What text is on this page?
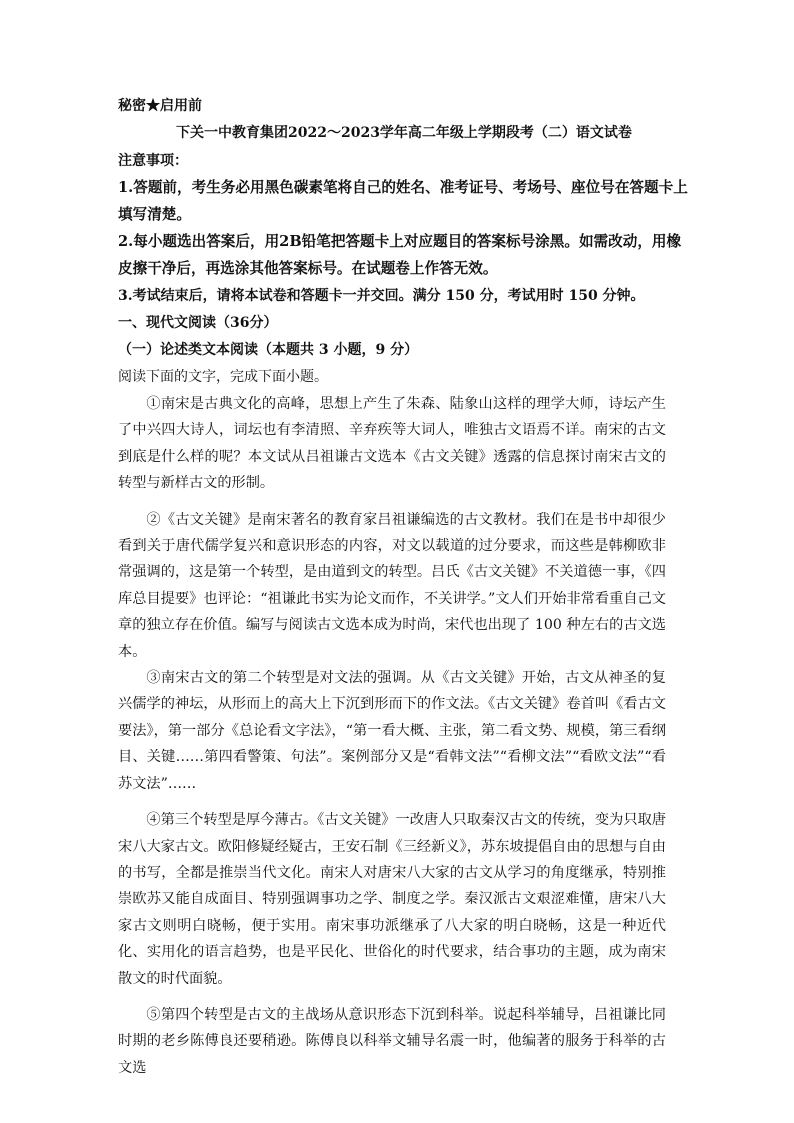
秘密★启用前
下关一中教育集团2022～2023学年高二年级上学期段考（二）语文试卷
注意事项：
1.答题前，考生务必用黑色碳素笔将自己的姓名、准考证号、考场号、座位号在答题卡上
填写清楚。
2.每小题选出答案后，用2B铅笔把答题卡上对应题目的答案标号涂黑。如需改动，用橡
皮擦干净后，再选涂其他答案标号。在试题卷上作答无效。
3.考试结束后，请将本试卷和答题卡一并交回。满分 150 分，考试用时 150 分钟。
一、现代文阅读（36分）
（一）论述类文本阅读（本题共 3 小题，9 分）
阅读下面的文字，完成下面小题。

①南宋是古典文化的高峰，思想上产生了朱森、陆象山这样的理学大师，诗坛产生了中兴四大诗人，词坛也有李清照、辛弃疾等大词人，唯独古文语焉不详。南宋的古文到底是什么样的呢？本文试从吕祖谦古文选本《古文关键》透露的信息探讨南宋古文的转型与新样古文的形制。

②《古文关键》是南宋著名的教育家吕祖谦编选的古文教材。我们在是书中却很少看到关于唐代儒学复兴和意识形态的内容，对文以载道的过分要求，而这些是韩柳欧非常强调的，这是第一个转型，是由道到文的转型。吕氏《古文关键》不关道德一事，《四库总目提要》也评论：“祖谦此书实为论文而作，不关讲学。”文人们开始非常看重自己文章的独立存在价值。编写与阅读古文选本成为时尚，宋代也出现了 100 种左右的古文选本。

③南宋古文的第二个转型是对文法的强调。从《古文关键》开始，古文从神圣的复兴儒学的神坛，从形而上的高大上下沉到形而下的作文法。《古文关键》卷首叫《看古文要法》，第一部分《总论看文字法》，“第一看大概、主张，第二看文势、规模，第三看纲目、关键……第四看警策、句法”。案例部分又是“看韩文法”“看柳文法”“看欧文法”“看苏文法”……

④第三个转型是厚今薄古。《古文关键》一改唐人只取秦汉古文的传统，变为只取唐宋八大家古文。欧阳修疑经疑古，王安石制《三经新义》，苏东坡提倡自由的思想与自由的书写，全都是推崇当代文化。南宋人对唐宋八大家的古文从学习的角度继承，特别推崇欧苏又能自成面目、特别强调事功之学、制度之学。秦汉派古文艰涩难懂，唐宋八大家古文则明白晓畅，便于实用。南宋事功派继承了八大家的明白晓畅，这是一种近代化、实用化的语言趋势，也是平民化、世俗化的时代要求，结合事功的主题，成为南宋散文的时代面貌。

⑤第四个转型是古文的主战场从意识形态下沉到科举。说起科举辅导，吕祖谦比同时期的老乡陈傅良还要稍逊。陈傅良以科举文辅导名震一时，他编著的服务于科举的古文选
